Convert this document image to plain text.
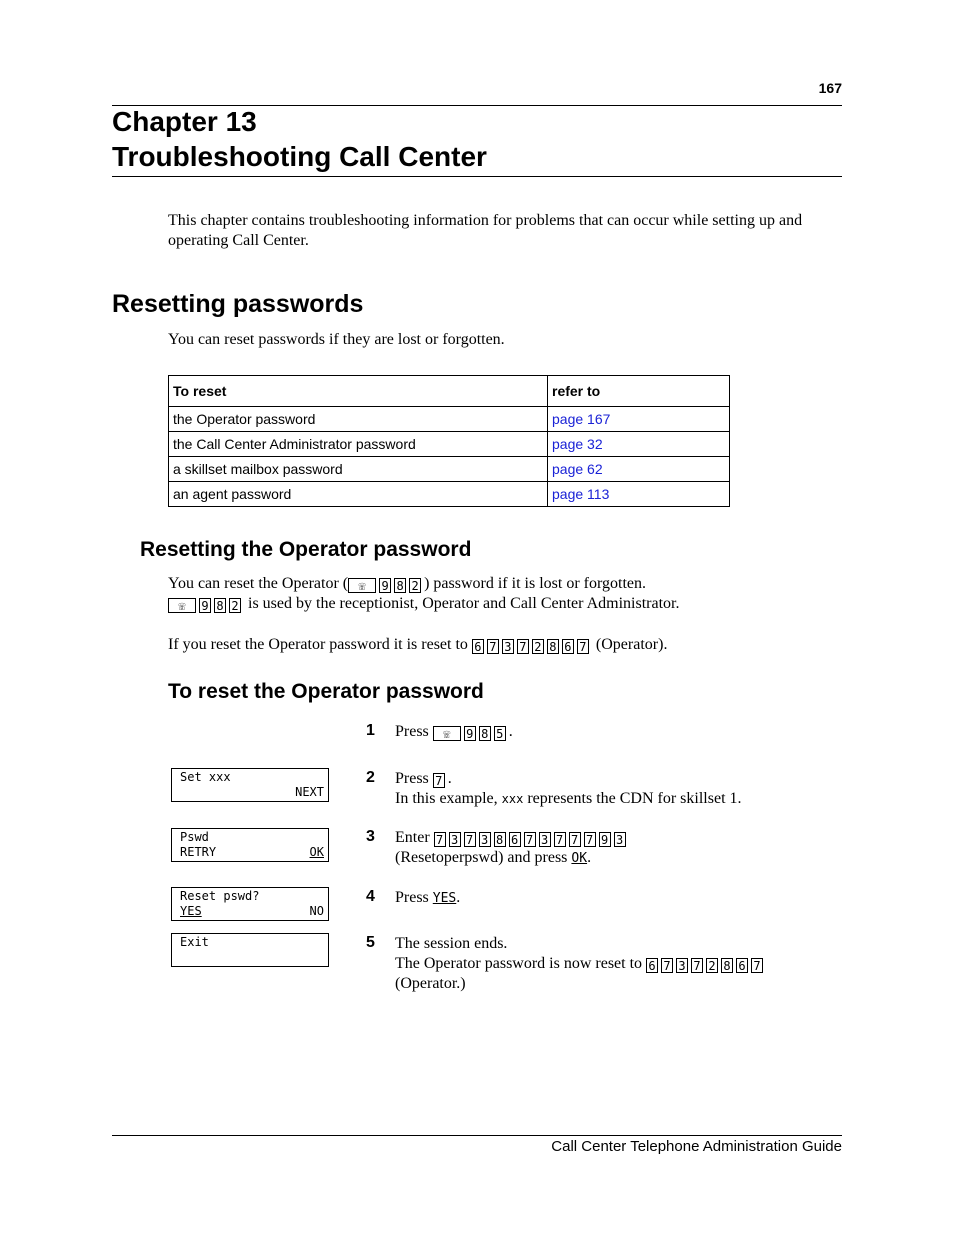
167
Chapter 13
Troubleshooting Call Center

This chapter contains troubleshooting information for problems that can occur while setting up and operating Call Center.

Resetting passwords

You can reset passwords if they are lost or forgotten.

To reset	refer to
the Operator password	page 167
the Call Center Administrator password	page 32
a skillset mailbox password	page 62
an agent password	page 113
Resetting the Operator password

You can reset the Operator ( ☏ 9 8 2 ) password if it is lost or forgotten.
☏ 9 8 2 is used by the receptionist, Operator and Call Center Administrator.

If you reset the Operator password it is reset to 6 7 3 7 2 8 6 7 (Operator).

To reset the Operator password
1 Press ☏ 9 8 5 .
Set xxx
NEXT
2 Press 7 .
In this example, xxx represents the CDN for skillset 1.
Pswd
RETRY	OK
3 Enter 7 3 7 3 8 6 7 3 7 7 7 9 3
(Resetoperpswd) and press OK.
Reset pswd?
YES	NO
4 Press YES.
Exit	5 The session ends.
The Operator password is now reset to 6 7 3 7 2 8 6 7
(Operator.)

Call Center Telephone Administration Guide
